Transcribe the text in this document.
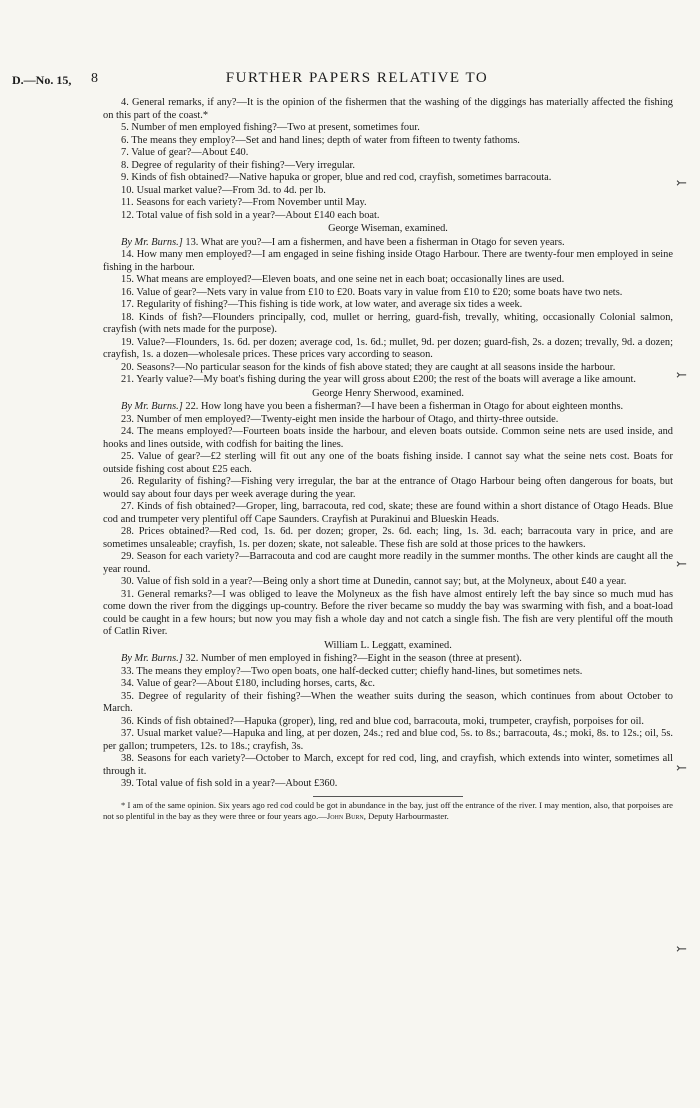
D.—No. 15, 8	FURTHER PAPERS RELATIVE TO

4. General remarks, if any?—It is the opinion of the fishermen that the washing of the diggings has materially affected the fishing on this part of the coast.*

5. Number of men employed fishing?—Two at present, sometimes four.

6. The means they employ?—Set and hand lines; depth of water from fifteen to twenty fathoms.

7. Value of gear?—About £40.

8. Degree of regularity of their fishing?—Very irregular.

9. Kinds of fish obtained?—Native hapuka or groper, blue and red cod, crayfish, sometimes barracouta.

10. Usual market value?—From 3d. to 4d. per lb.

11. Seasons for each variety?—From November until May.

12. Total value of fish sold in a year?—About £140 each boat.

George Wiseman, examined.

By Mr. Burns.] 13. What are you?—I am a fishermen, and have been a fisherman in Otago for seven years.

14. How many men employed?—I am engaged in seine fishing inside Otago Harbour. There are twenty-four men employed in seine fishing in the harbour.

15. What means are employed?—Eleven boats, and one seine net in each boat; occasionally lines are used.

16. Value of gear?—Nets vary in value from £10 to £20. Boats vary in value from £10 to £20; some boats have two nets.

17. Regularity of fishing?—This fishing is tide work, at low water, and average six tides a week.

18. Kinds of fish?—Flounders principally, cod, mullet or herring, guard-fish, trevally, whiting, occasionally Colonial salmon, crayfish (with nets made for the purpose).

19. Value?—Flounders, 1s. 6d. per dozen; average cod, 1s. 6d.; mullet, 9d. per dozen; guard-fish, 2s. a dozen; trevally, 9d. a dozen; crayfish, 1s. a dozen—wholesale prices. These prices vary according to season.

20. Seasons?—No particular season for the kinds of fish above stated; they are caught at all seasons inside the harbour.

21. Yearly value?—My boat's fishing during the year will gross about £200; the rest of the boats will average a like amount.

George Henry Sherwood, examined.

By Mr. Burns.] 22. How long have you been a fisherman?—I have been a fisherman in Otago for about eighteen months.

23. Number of men employed?—Twenty-eight men inside the harbour of Otago, and thirty-three outside.

24. The means employed?—Fourteen boats inside the harbour, and eleven boats outside. Common seine nets are used inside, and hooks and lines outside, with codfish for baiting the lines.

25. Value of gear?—£2 sterling will fit out any one of the boats fishing inside. I cannot say what the seine nets cost. Boats for outside fishing cost about £25 each.

26. Regularity of fishing?—Fishing very irregular, the bar at the entrance of Otago Harbour being often dangerous for boats, but would say about four days per week average during the year.

27. Kinds of fish obtained?—Groper, ling, barracouta, red cod, skate; these are found within a short distance of Otago Heads. Blue cod and trumpeter very plentiful off Cape Saunders. Crayfish at Purakinui and Blueskin Heads.

28. Prices obtained?—Red cod, 1s. 6d. per dozen; groper, 2s. 6d. each; ling, 1s. 3d. each; barracouta vary in price, and are sometimes unsaleable; crayfish, 1s. per dozen; skate, not saleable. These fish are sold at those prices to the hawkers.

29. Season for each variety?—Barracouta and cod are caught more readily in the summer months. The other kinds are caught all the year round.

30. Value of fish sold in a year?—Being only a short time at Dunedin, cannot say; but, at the Molyneux, about £40 a year.

31. General remarks?—I was obliged to leave the Molyneux as the fish have almost entirely left the bay since so much mud has come down the river from the diggings up-country. Before the river became so muddy the bay was swarming with fish, and a boat-load could be caught in a few hours; but now you may fish a whole day and not catch a single fish. The fish are very plentiful off the mouth of Catlin River.

William L. Leggatt, examined.

By Mr. Burns.] 32. Number of men employed in fishing?—Eight in the season (three at present).

33. The means they employ?—Two open boats, one half-decked cutter; chiefly hand-lines, but sometimes nets.

34. Value of gear?—About £180, including horses, carts, &c.

35. Degree of regularity of their fishing?—When the weather suits during the season, which continues from about October to March.

36. Kinds of fish obtained?—Hapuka (groper), ling, red and blue cod, barracouta, moki, trumpeter, crayfish, porpoises for oil.

37. Usual market value?—Hapuka and ling, at per dozen, 24s.; red and blue cod, 5s. to 8s.; barracouta, 4s.; moki, 8s. to 12s.; oil, 5s. per gallon; trumpeters, 12s. to 18s.; crayfish, 3s.

38. Seasons for each variety?—October to March, except for red cod, ling, and crayfish, which extends into winter, sometimes all through it.

39. Total value of fish sold in a year?—About £360.

* I am of the same opinion. Six years ago red cod could be got in abundance in the bay, just off the entrance of the river. I may mention, also, that porpoises are not so plentiful in the bay as they were three or four years ago.—John Burn, Deputy Harbourmaster.

⤚
⤚
⤚
⤚
⤚
